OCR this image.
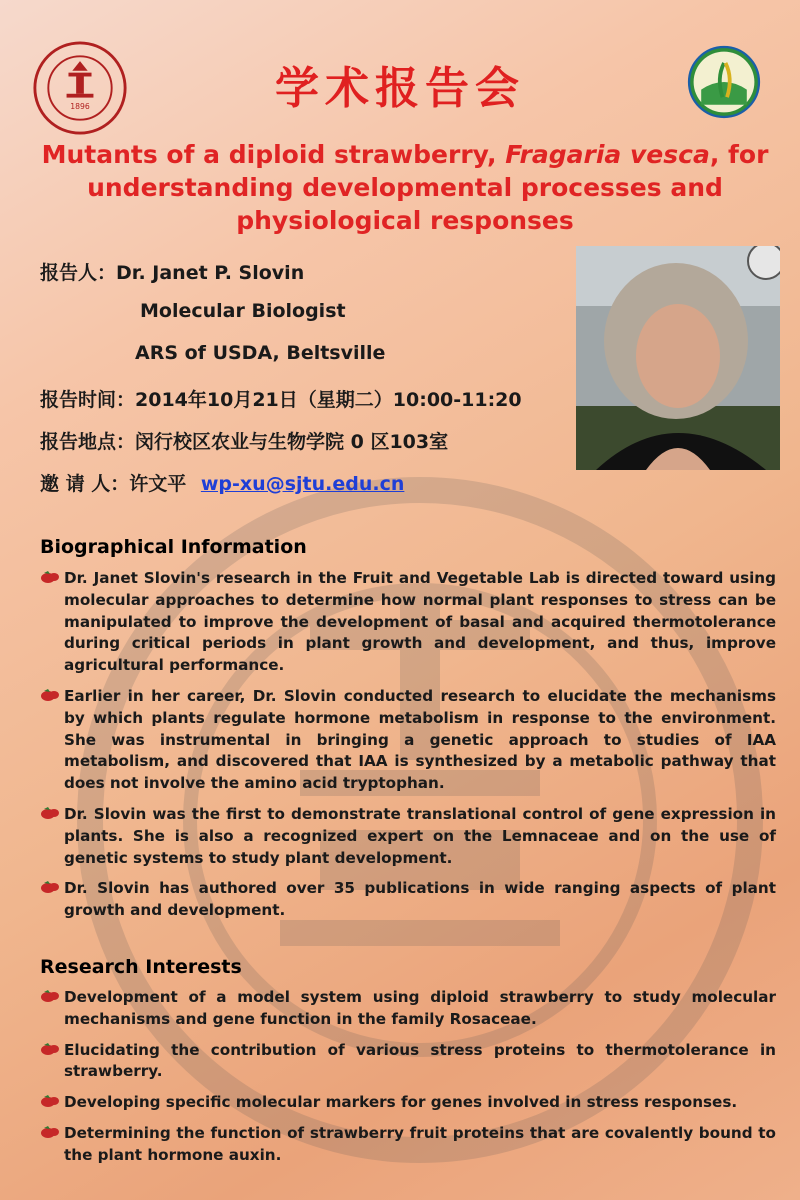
1896	学术报告会
Mutants of a diploid strawberry, Fragaria vesca, for understanding developmental processes and physiological responses
报告人：Dr. Janet P. Slovin
Molecular Biologist
ARS of USDA, Beltsville
报告时间：2014年10月21日（星期二）10:00-11:20
报告地点：闵行校区农业与生物学院 0 区103室
邀 请 人：许文平 wp-xu@sjtu.edu.cn
Biographical Information
Dr. Janet Slovin's research in the Fruit and Vegetable Lab is directed toward using molecular approaches to determine how normal plant responses to stress can be manipulated to improve the development of basal and acquired thermotolerance during critical periods in plant growth and development, and thus, improve agricultural performance.
Earlier in her career, Dr. Slovin conducted research to elucidate the mechanisms by which plants regulate hormone metabolism in response to the environment. She was instrumental in bringing a genetic approach to studies of IAA metabolism, and discovered that IAA is synthesized by a metabolic pathway that does not involve the amino acid tryptophan.
Dr. Slovin was the first to demonstrate translational control of gene expression in plants. She is also a recognized expert on the Lemnaceae and on the use of genetic systems to study plant development.
Dr. Slovin has authored over 35 publications in wide ranging aspects of plant growth and development.
Research Interests
Development of a model system using diploid strawberry to study molecular mechanisms and gene function in the family Rosaceae.
Elucidating the contribution of various stress proteins to thermotolerance in strawberry.
Developing specific molecular markers for genes involved in stress responses.
Determining the function of strawberry fruit proteins that are covalently bound to the plant hormone auxin.
